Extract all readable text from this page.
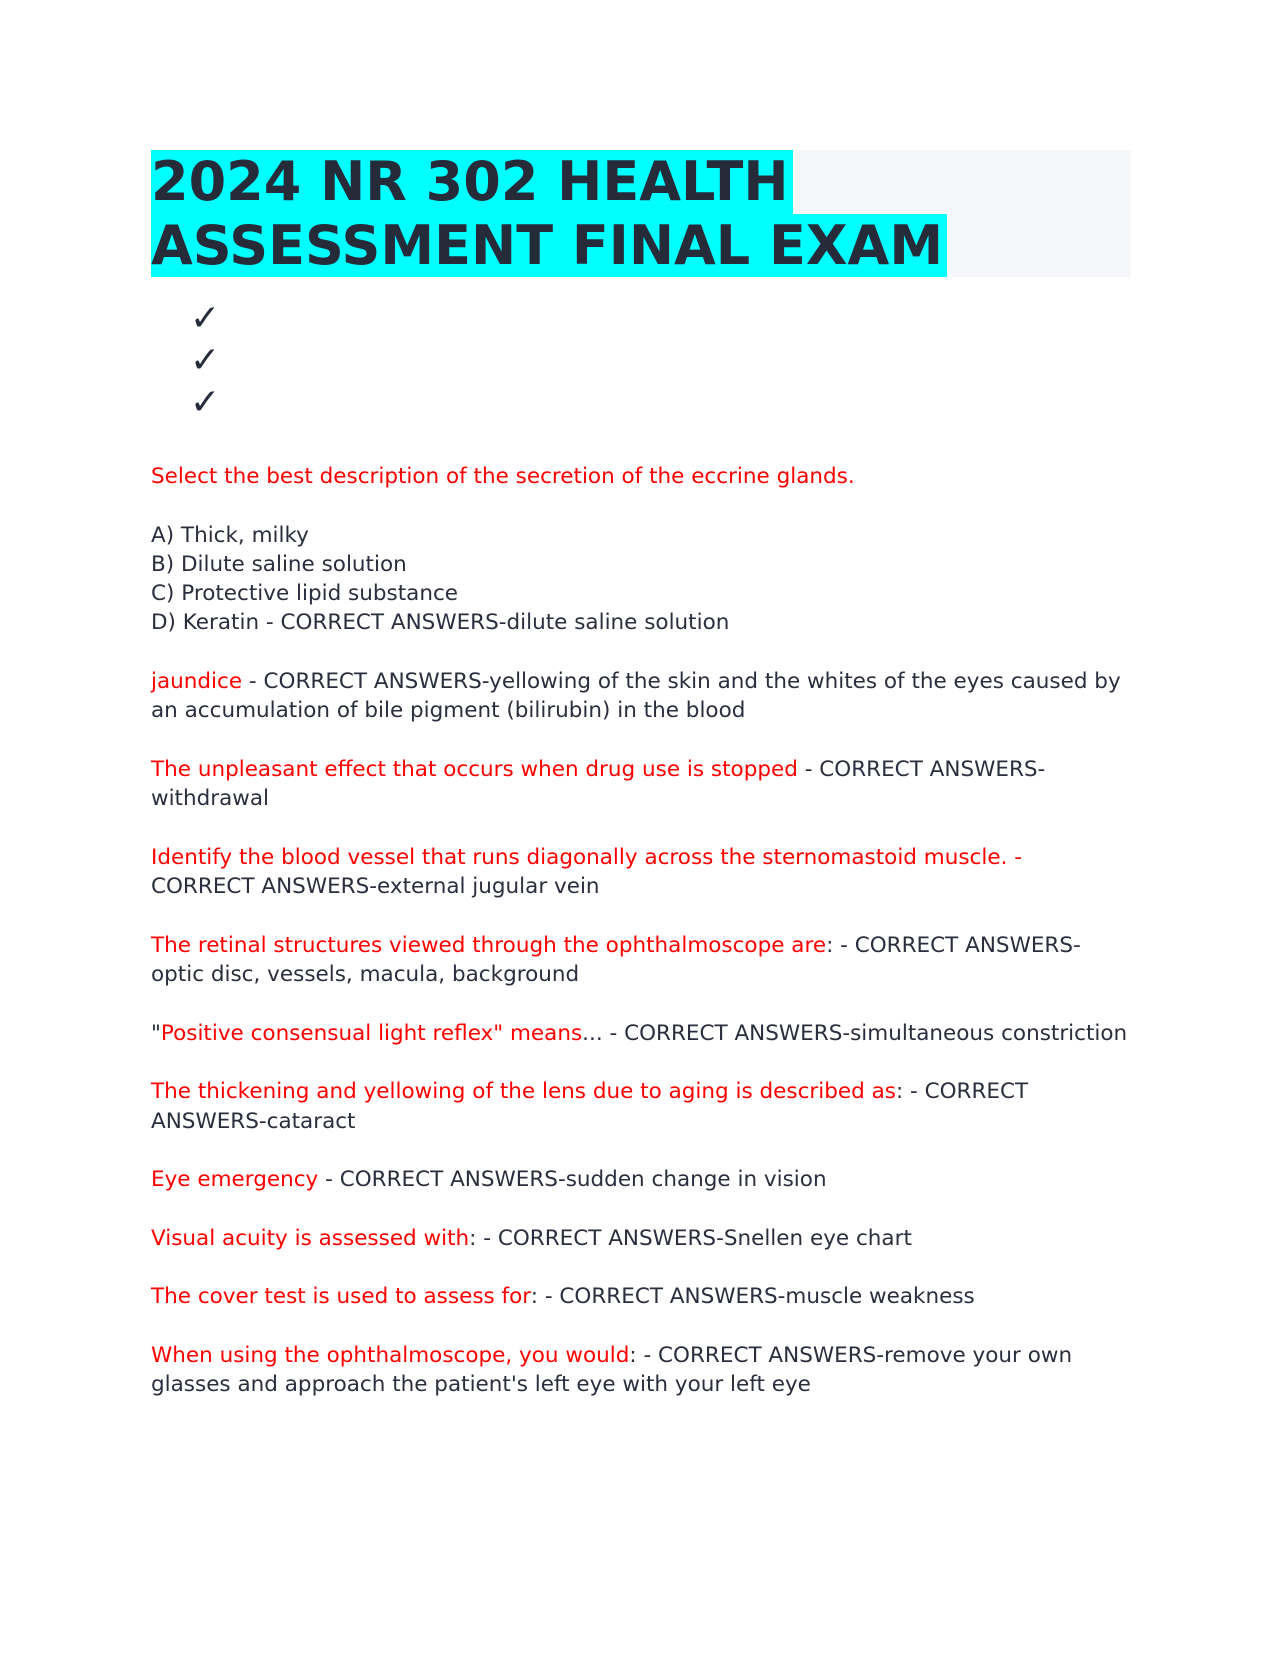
2024 NR 302 HEALTH
ASSESSMENT FINAL EXAM
✓
✓
✓

Select the best description of the secretion of the eccrine glands.

A) Thick, milky
B) Dilute saline solution
C) Protective lipid substance
D) Keratin - CORRECT ANSWERS-dilute saline solution

jaundice - CORRECT ANSWERS-yellowing of the skin and the whites of the eyes caused by an accumulation of bile pigment (bilirubin) in the blood

The unpleasant effect that occurs when drug use is stopped - CORRECT ANSWERS-withdrawal

Identify the blood vessel that runs diagonally across the sternomastoid muscle. - CORRECT ANSWERS-external jugular vein

The retinal structures viewed through the ophthalmoscope are: - CORRECT ANSWERS-optic disc, vessels, macula, background

"Positive consensual light reflex" means... - CORRECT ANSWERS-simultaneous constriction

The thickening and yellowing of the lens due to aging is described as: - CORRECT ANSWERS-cataract

Eye emergency - CORRECT ANSWERS-sudden change in vision

Visual acuity is assessed with: - CORRECT ANSWERS-Snellen eye chart

The cover test is used to assess for: - CORRECT ANSWERS-muscle weakness

When using the ophthalmoscope, you would: - CORRECT ANSWERS-remove your own glasses and approach the patient's left eye with your left eye
